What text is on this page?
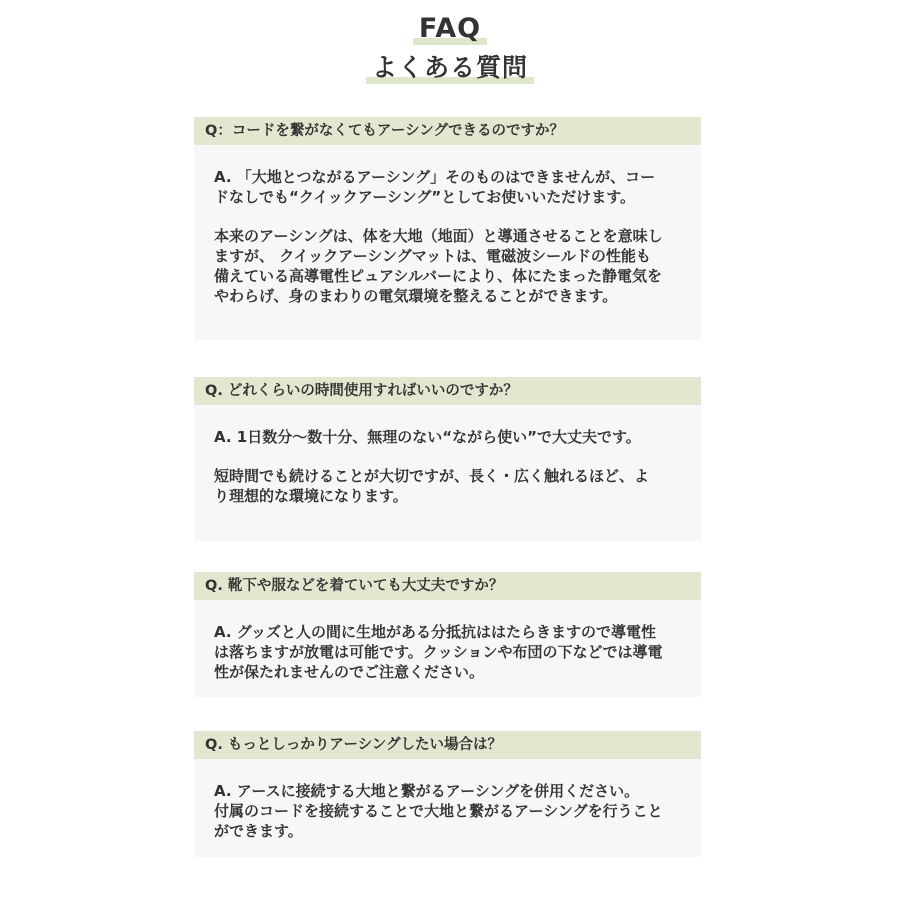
FAQ
よくある質問
Q：コードを繋がなくてもアーシングできるのですか？

A. 「大地とつながるアーシング」そのものはできませんが、コー
ドなしでも“クイックアーシング”としてお使いいただけます。

本来のアーシングは、体を大地（地面）と導通させることを意味し
ますが、 クイックアーシングマットは、電磁波シールドの性能も
備えている高導電性ピュアシルバーにより、体にたまった静電気を
やわらげ、身のまわりの電気環境を整えることができます。

Q. どれくらいの時間使用すればいいのですか？

A. 1日数分〜数十分、無理のない“ながら使い”で大丈夫です。

短時間でも続けることが大切ですが、長く・広く触れるほど、よ
り理想的な環境になります。

Q. 靴下や服などを着ていても大丈夫ですか？

A. グッズと人の間に生地がある分抵抗ははたらきますので導電性
は落ちますが放電は可能です。クッションや布団の下などでは導電
性が保たれませんのでご注意ください。

Q. もっとしっかりアーシングしたい場合は？

A. アースに接続する大地と繋がるアーシングを併用ください。
付属のコードを接続することで大地と繋がるアーシングを行うこと
ができます。
